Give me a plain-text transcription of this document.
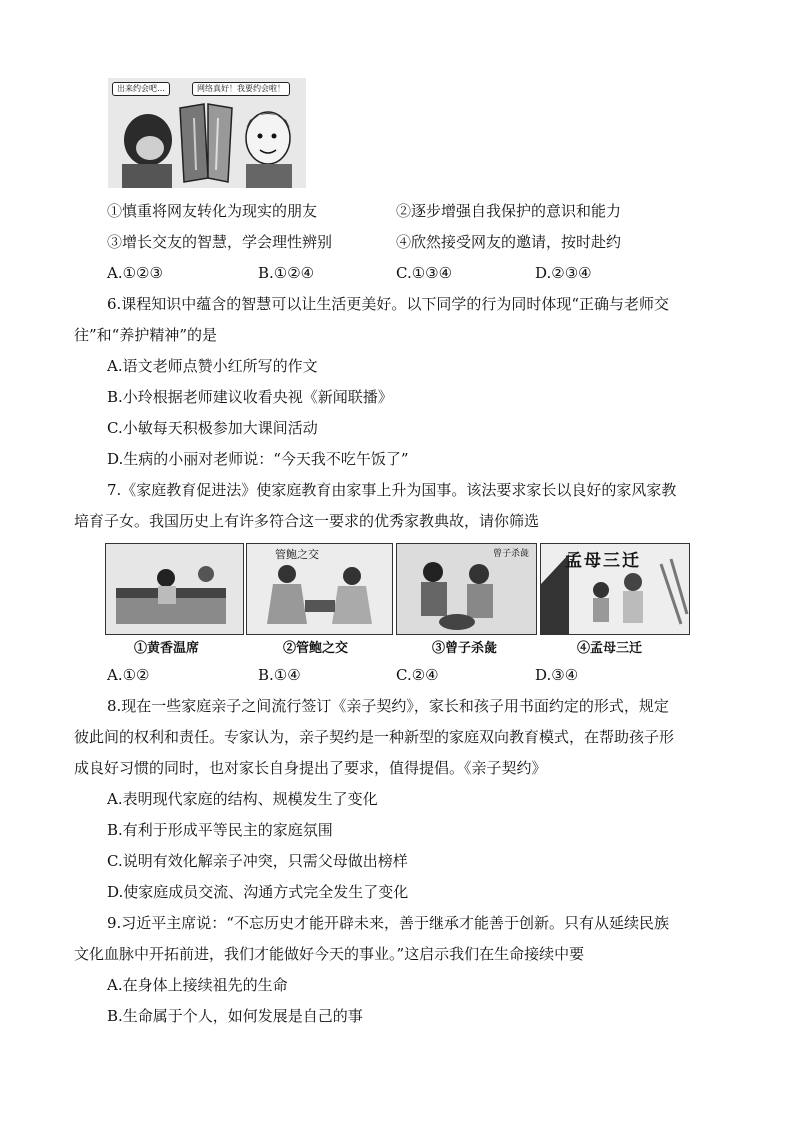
出来约会吧…	网络真好！我要约会啦！
①慎重将网友转化为现实的朋友	②逐步增强自我保护的意识和能力
③增长交友的智慧，学会理性辨别	④欣然接受网友的邀请，按时赴约
A.①②③	B.①②④	C.①③④	D.②③④
6.课程知识中蕴含的智慧可以让生活更美好。以下同学的行为同时体现“正确与老师交
往”和“养护精神”的是
A.语文老师点赞小红所写的作文
B.小玲根据老师建议收看央视《新闻联播》
C.小敏每天积极参加大课间活动
D.生病的小丽对老师说：“今天我不吃午饭了”
7.《家庭教育促进法》使家庭教育由家事上升为国事。该法要求家长以良好的家风家教
培育子女。我国历史上有许多符合这一要求的优秀家教典故，请你筛选
管鲍之交	曾子杀彘 孟母三迁
①黄香温席	②管鲍之交	③曾子杀彘	④孟母三迁
A.①②	B.①④	C.②④	D.③④
8.现在一些家庭亲子之间流行签订《亲子契约》，家长和孩子用书面约定的形式，规定
彼此间的权利和责任。专家认为，亲子契约是一种新型的家庭双向教育模式，在帮助孩子形
成良好习惯的同时，也对家长自身提出了要求，值得提倡。《亲子契约》
A.表明现代家庭的结构、规模发生了变化
B.有利于形成平等民主的家庭氛围
C.说明有效化解亲子冲突，只需父母做出榜样
D.使家庭成员交流、沟通方式完全发生了变化
9.习近平主席说：“不忘历史才能开辟未来，善于继承才能善于创新。只有从延续民族
文化血脉中开拓前进，我们才能做好今天的事业。”这启示我们在生命接续中要
A.在身体上接续祖先的生命
B.生命属于个人，如何发展是自己的事
